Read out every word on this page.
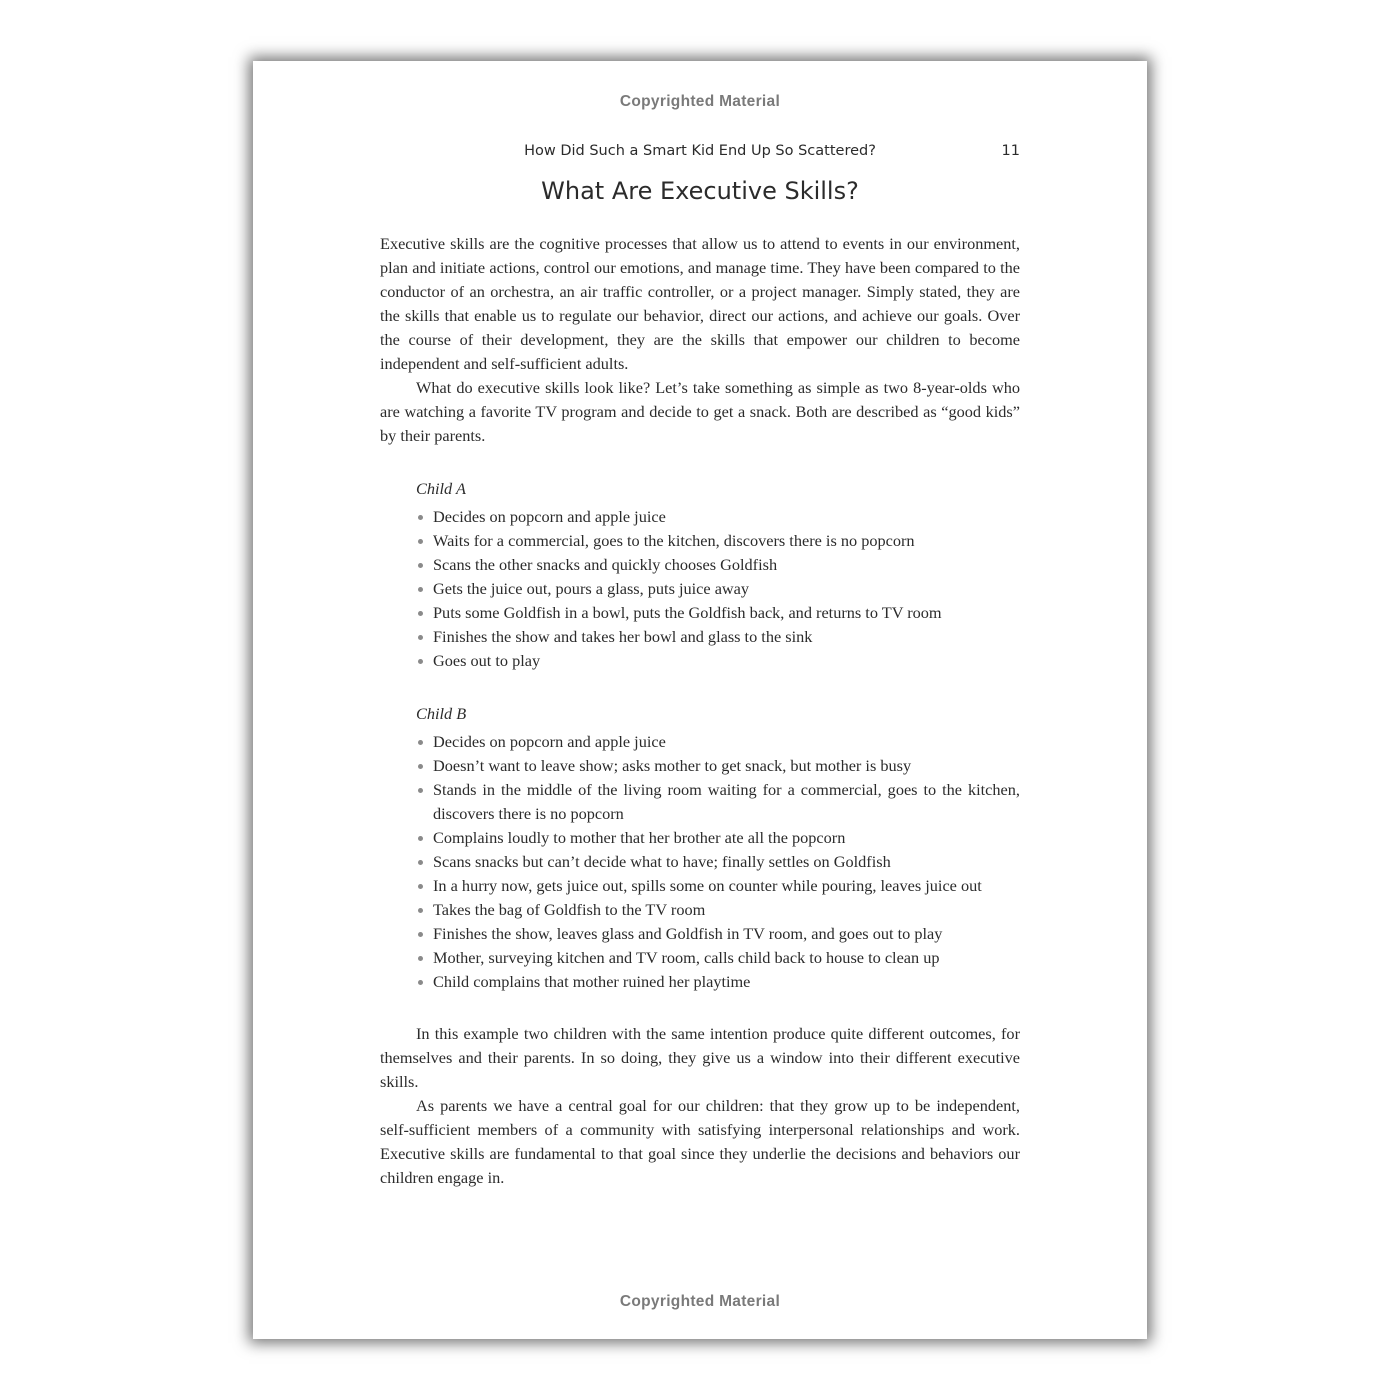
Copyrighted Material
How Did Such a Smart Kid End Up So Scattered?	11
What Are Executive Skills?

Executive skills are the cognitive processes that allow us to attend to events in our environment, plan and initiate actions, control our emotions, and manage time. They have been compared to the conductor of an orchestra, an air traffic controller, or a project manager. Simply stated, they are the skills that enable us to regulate our behavior, direct our actions, and achieve our goals. Over the course of their development, they are the skills that empower our children to become independent and self-sufficient adults.

What do executive skills look like? Let’s take something as simple as two 8-year-olds who are watching a favorite TV program and decide to get a snack. Both are described as “good kids” by their parents.

Child A

Decides on popcorn and apple juice
Waits for a commercial, goes to the kitchen, discovers there is no popcorn
Scans the other snacks and quickly chooses Goldfish
Gets the juice out, pours a glass, puts juice away
Puts some Goldfish in a bowl, puts the Goldfish back, and returns to TV room
Finishes the show and takes her bowl and glass to the sink
Goes out to play

Child B

Decides on popcorn and apple juice
Doesn’t want to leave show; asks mother to get snack, but mother is busy
Stands in the middle of the living room waiting for a commercial, goes to the kitchen, discovers there is no popcorn
Complains loudly to mother that her brother ate all the popcorn
Scans snacks but can’t decide what to have; finally settles on Goldfish
In a hurry now, gets juice out, spills some on counter while pouring, leaves juice out
Takes the bag of Goldfish to the TV room
Finishes the show, leaves glass and Goldfish in TV room, and goes out to play
Mother, surveying kitchen and TV room, calls child back to house to clean up
Child complains that mother ruined her playtime

In this example two children with the same intention produce quite different outcomes, for themselves and their parents. In so doing, they give us a window into their different executive skills.

As parents we have a central goal for our children: that they grow up to be independent, self-sufficient members of a community with satisfying interpersonal relationships and work. Executive skills are fundamental to that goal since they underlie the decisions and behaviors our children engage in.

Copyrighted Material
